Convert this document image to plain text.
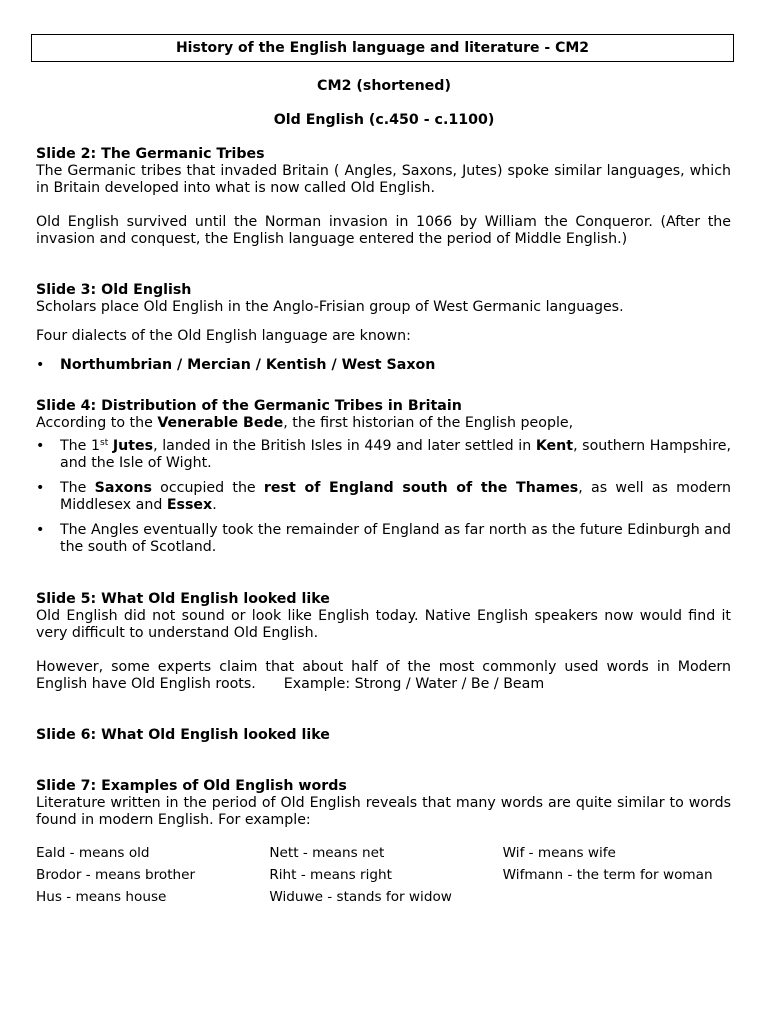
History of the English language and literature - CM2
CM2 (shortened)
Old English (c.450 - c.1100)
Slide 2: The Germanic Tribes

The Germanic tribes that invaded Britain ( Angles, Saxons, Jutes) spoke similar languages, which in Britain developed into what is now called Old English.

Old English survived until the Norman invasion in 1066 by William the Conqueror. (After the invasion and conquest, the English language entered the period of Middle English.)

Slide 3: Old English

Scholars place Old English in the Anglo-Frisian group of West Germanic languages.

Four dialects of the Old English language are known:

• Northumbrian / Mercian / Kentish / West Saxon
Slide 4: Distribution of the Germanic Tribes in Britain

According to the Venerable Bede, the first historian of the English people,

• The 1st Jutes, landed in the British Isles in 449 and later settled in Kent, southern Hampshire, and the Isle of Wight.
• The Saxons occupied the rest of England south of the Thames, as well as modern Middlesex and Essex.
• The Angles eventually took the remainder of England as far north as the future Edinburgh and the south of Scotland.
Slide 5: What Old English looked like

Old English did not sound or look like English today. Native English speakers now would find it very difficult to understand Old English.

However, some experts claim that about half of the most commonly used words in Modern English have Old English roots. Example: Strong / Water / Be / Beam

Slide 6: What Old English looked like
Slide 7: Examples of Old English words

Literature written in the period of Old English reveals that many words are quite similar to words found in modern English. For example:

Eald - means old	Nett - means net	Wif - means wife
Brodor - means brother	Riht - means right	Wifmann - the term for woman
Hus - means house	Widuwe - stands for widow
